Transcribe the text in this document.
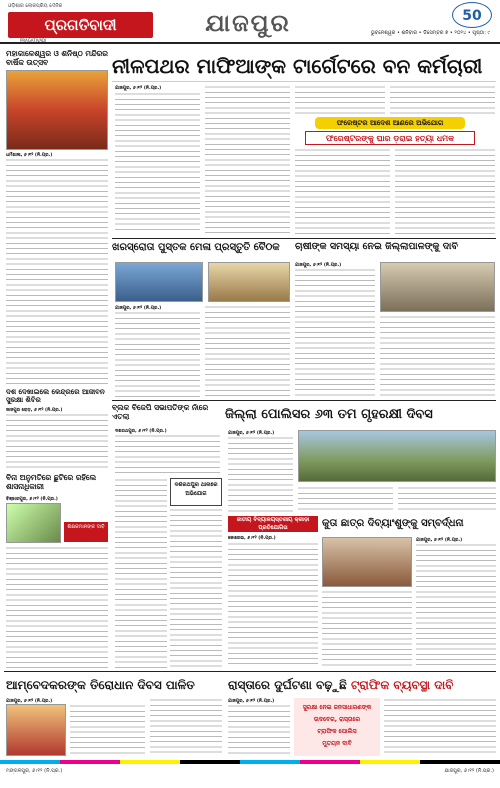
ଓଡ଼ିଶାର ଲୋକପ୍ରିୟ ଦୈନିକ
ପ୍ରଗତିବାଦୀ
PRAGATIVADI
ଯାଜପୁର	ଭୁବନେଶ୍ୱର • ଶନିବାର • ଡିସେମ୍ବର ୭ • ୨୦୨୪ • ପୃଷ୍ଠା: ୯
50
ନୀଳପଥର ମାଫିଆଙ୍କ ଟାର୍ଗେଟରେ ବନ କର୍ମଚାରୀ
ଯାଜପୁର, ୬।୧୨ (ନି.ପ୍ର.)
ଫରେଷ୍ଟର ଆଦେଶ ଆଣରେ ଅଭିଯୋଗ
ଫରେଷ୍ଟରଙ୍କୁ ଘାର ଡ଼ରାଇ ହତ୍ୟା ଧମକ
ମହାକାଳେଶ୍ୱର ଓ ଶନିଷ୍ଠ ମନ୍ଦିରର ବାର୍ଷିକ ଉତ୍ସବ
ଧର୍ମଶାଳା, ୬।୧୨ (ନି.ପ୍ର.)
ଦଶ ଦେଖାଇଲେ କେନ୍ଦ୍ରରେ ଆଜୀବନ ସୁରକ୍ଷା ଶିବିର
ଜାଜପୁର ରୋଡ଼, ୬।୧୨ (ନି.ପ୍ର.)
ବିନା ଅନୁମତିରେ ଛୁଟିରେ ରହିଲେ ଶାସନାଧିକାରୀ
ବିଞ୍ଝାରପୁର, ୬।୧୨ (ନି.ପ୍ର.)
ଶିକ୍ଷକମାନଙ୍କ ଦାବି
ଖରସ୍ରୋତା ପୁସ୍ତକ ମେଳା ପ୍ରସ୍ତୁତି ବୈଠକ
ଯାଜପୁର, ୬।୧୨ (ନି.ପ୍ର.)
ଚାଷୀଙ୍କ ସମସ୍ୟା ନେଇ ଜିଲ୍ଲାପାଳଙ୍କୁ ଦାବି
ଯାଜପୁର, ୬।୧୨ (ନି.ପ୍ର.)
ବ୍ଲକ ବିଜେପି ସଭାପତିଙ୍କ ନାଁରେ ଏତଲା
ଦଶରଥପୁର, ୬।୧୨ (ନି.ପ୍ର.)
ଦଶରଥପୁର ଥାନାରେ ଅଭିଯୋଗ
ଜିଲ୍ଲା ପୋଲିସର ୬୩ ତମ ଗୃହରକ୍ଷୀ ଦିବସ
ଯାଜପୁର, ୬।୧୨ (ନି.ପ୍ର.)
ଜାତୀୟ ବିଦ୍ୟାଳୟସ୍ତରୀୟ କ୍ରୀଡ଼ା ପ୍ରତିଯୋଗିତା
କୋରେଇ, ୬।୧୨ (ନି.ପ୍ର.)
କୁତା ଛାତ୍ର ଦିବ୍ୟାଂଶୁଙ୍କୁ ସମ୍ବର୍ଦ୍ଧନା
ଯାଜପୁର, ୬।୧୨ (ନି.ପ୍ର.)
ଆମ୍ବେଦକରଙ୍କ ତିରୋଧାନ ଦିବସ ପାଳିତ
ଯାଜପୁର, ୬।୧୨ (ନି.ପ୍ର.)
ରାସ୍ତାରେ ଦୁର୍ଘଟଣା ବଢ଼ୁଛି ଟ୍ରାଫିକ ବ୍ୟବସ୍ଥା ଦାବି
ଯାଜପୁର, ୬।୧୨ (ନି.ପ୍ର.)
ସୁରକ୍ଷା ନେଇ ଜନସାଧାରଣଙ୍କ
ଉଦବେଗ, ରାସ୍ତାରେ
ଟ୍ରାଫିକ ପୋଲିସ
ମୁତୟନ ଦାବି
ମଙ୍ଗଳପୁର, ୬।୧୨ (ନି.ପ୍ର.)	ଯାଜପୁର, ୬।୧୨ (ନି.ପ୍ର.)
